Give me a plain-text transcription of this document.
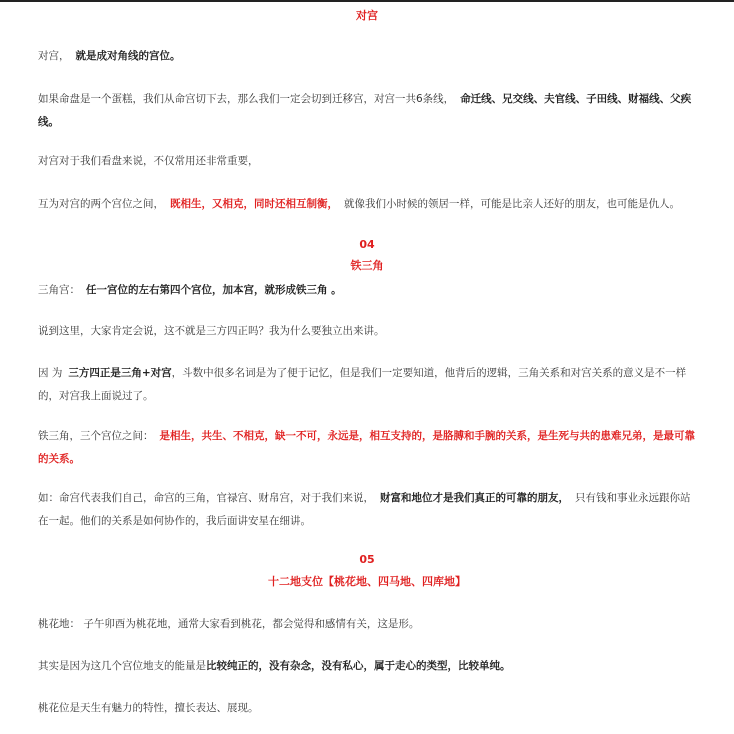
对宫
对宫， 就是成对角线的宫位。
如果命盘是一个蛋糕，我们从命宫切下去，那么我们一定会切到迁移宫，对宫一共6条线， 命迁线、兄交线、夫官线、子田线、财福线、父疾线。
对宫对于我们看盘来说，不仅常用还非常重要，
互为对宫的两个宫位之间， 既相生，又相克，同时还相互制衡， 就像我们小时候的领居一样，可能是比亲人还好的朋友，也可能是仇人。
04
铁三角
三角宫： 任一宫位的左右第四个宫位，加本宫，就形成铁三角 。
说到这里，大家肯定会说，这不就是三方四正吗？我为什么要独立出来讲。
因 为 三方四正是三角+对宫，斗数中很多名词是为了便于记忆，但是我们一定要知道，他背后的逻辑，三角关系和对宫关系的意义是不一样的，对宫我上面说过了。
铁三角，三个宫位之间： 是相生，共生、不相克，缺一不可，永远是，相互支持的，是胳膊和手腕的关系，是生死与共的患难兄弟，是最可靠的关系。
如：命宫代表我们自己，命宫的三角，官禄宫、财帛宫，对于我们来说， 财富和地位才是我们真正的可靠的朋友， 只有钱和事业永远跟你站在一起。他们的关系是如何协作的，我后面讲安星在细讲。
05
十二地支位【桃花地、四马地、四库地】
桃花地： 子午卯酉为桃花地，通常大家看到桃花，都会觉得和感情有关，这是形。
其实是因为这几个宫位地支的能量是比较纯正的，没有杂念，没有私心，属于走心的类型，比较单纯。
桃花位是天生有魅力的特性，擅长表达、展现。
